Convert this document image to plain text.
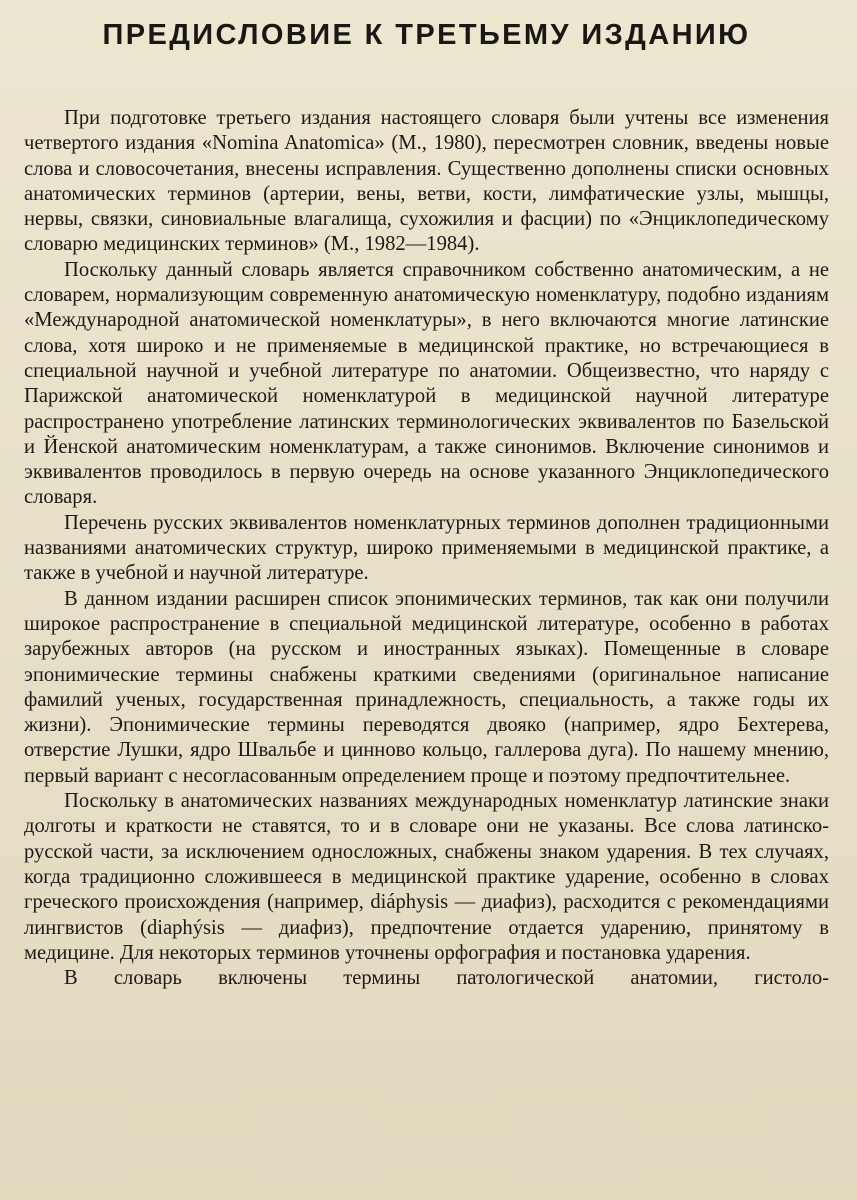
ПРЕДИСЛОВИЕ К ТРЕТЬЕМУ ИЗДАНИЮ

При подготовке третьего издания настоящего словаря были учтены все изменения четвертого издания «Nomina Anatomica» (М., 1980), пересмотрен словник, введены новые слова и словосочетания, внесены исправления. Существенно дополнены списки основных анатомических терминов (артерии, вены, ветви, кости, лимфатические узлы, мышцы, нервы, связки, синовиальные влагалища, сухожилия и фасции) по «Энциклопедическому словарю медицинских терминов» (М., 1982—1984).

Поскольку данный словарь является справочником собственно анатомическим, а не словарем, нормализующим современную анатомическую номенклатуру, подобно изданиям «Международной анатомической номенклатуры», в него включаются многие латинские слова, хотя широко и не применяемые в медицинской практике, но встречающиеся в специальной научной и учебной литературе по анатомии. Общеизвестно, что наряду с Парижской анатомической номенклатурой в медицинской научной литературе распространено употребление латинских терминологических эквивалентов по Базельской и Йенской анатомическим номенклатурам, а также синонимов. Включение синонимов и эквивалентов проводилось в первую очередь на основе указанного Энциклопедического словаря.

Перечень русских эквивалентов номенклатурных терминов дополнен традиционными названиями анатомических структур, широко применяемыми в медицинской практике, а также в учебной и научной литературе.

В данном издании расширен список эпонимических терминов, так как они получили широкое распространение в специальной медицинской литературе, особенно в работах зарубежных авторов (на русском и иностранных языках). Помещенные в словаре эпонимические термины снабжены краткими сведениями (оригинальное написание фамилий ученых, государственная принадлежность, специальность, а также годы их жизни). Эпонимические термины переводятся двояко (например, ядро Бехтерева, отверстие Лушки, ядро Швальбе и циннoво кольцо, галлерова дуга). По нашему мнению, первый вариант с несогласованным определением проще и поэтому предпочтительнее.

Поскольку в анатомических названиях международных номенклатур латинские знаки долготы и краткости не ставятся, то и в словаре они не указаны. Все слова латинско-русской части, за исключением односложных, снабжены знаком ударения. В тех случаях, когда традиционно сложившееся в медицинской практике ударение, особенно в словах греческого происхождения (например, diáphysis — диафиз), расходится с рекомендациями лингвистов (diaphýsis — диафиз), предпочтение отдается ударению, принятому в медицине. Для некоторых терминов уточнены орфография и постановка ударения.

В словарь включены термины патологической анатомии, гистоло-
